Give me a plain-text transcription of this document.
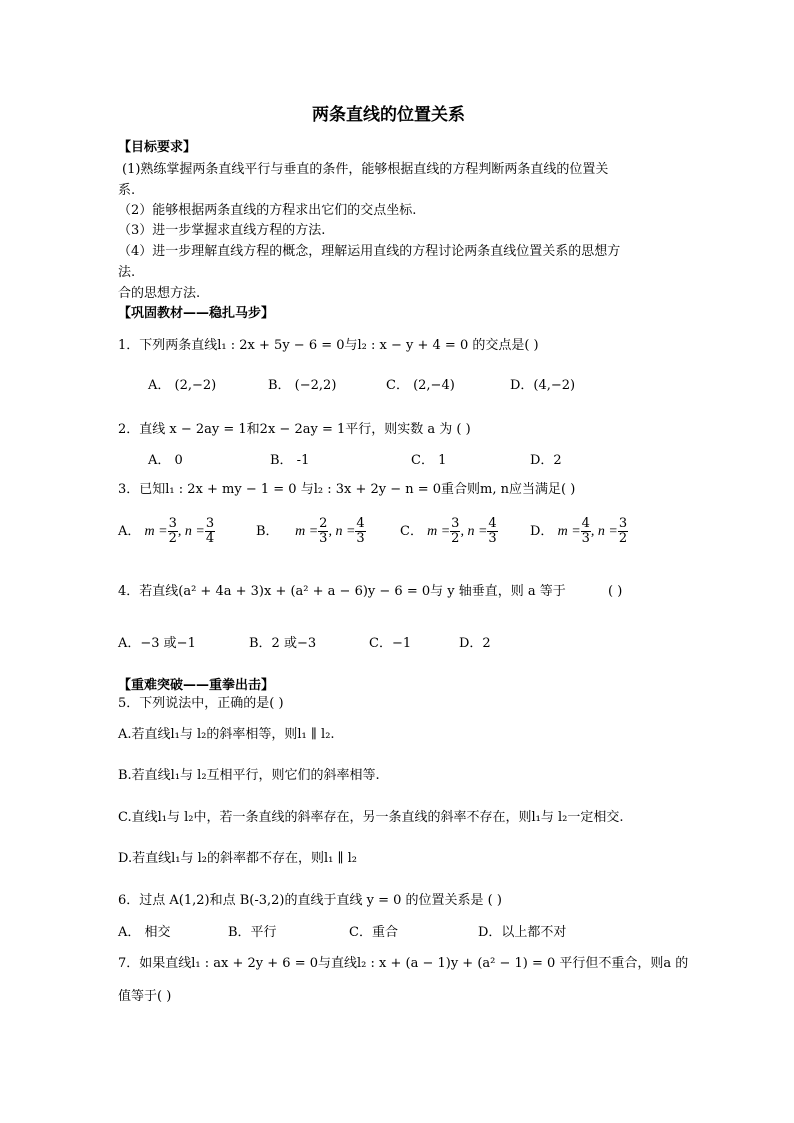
两条直线的位置关系
【目标要求】
(1)熟练掌握两条直线平行与垂直的条件，能够根据直线的方程判断两条直线的位置关
系.
（2）能够根据两条直线的方程求出它们的交点坐标.
（3）进一步掌握求直线方程的方法.
（4）进一步理解直线方程的概念，理解运用直线的方程讨论两条直线位置关系的思想方
法.
合的思想方法.
【巩固教材——稳扎马步】
1．下列两条直线l₁ : 2x + 5y − 6 = 0与l₂ : x − y + 4 = 0 的交点是( )
A． (2,−2)	B． (−2,2)	C． (2,−4)	D．(4,−2)
2．直线 x − 2ay = 1和2x − 2ay = 1平行，则实数 a 为 ( )
A． 0	B． -1	C． 1	D．2
3．已知l₁ : 2x + my − 1 = 0 与l₂ : 3x + 2y − n = 0重合则m, n应当满足( )
A． $m = \frac{3}{2}$ , $n = \frac{3}{4}$	B． $m = \frac{2}{3}$ , $n = \frac{4}{3}$	C． $m = \frac{3}{2}$ , $n = \frac{4}{3}$ D． $m = \frac{4}{3}$ , $n = \frac{3}{2}$
4．若直线(a² + 4a + 3)x + (a² + a − 6)y − 6 = 0与 y 轴垂直，则 a 等于	( )
A．−3 或−1	B．2 或−3	C．−1	D．2
【重难突破——重拳出击】
5．下列说法中，正确的是( )
A.若直线l₁与 l₂的斜率相等，则l₁ ∥ l₂.
B.若直线l₁与 l₂互相平行，则它们的斜率相等.
C.直线l₁与 l₂中，若一条直线的斜率存在，另一条直线的斜率不存在，则l₁与 l₂一定相交.
D.若直线l₁与 l₂的斜率都不存在，则l₁ ∥ l₂
6．过点 A(1,2)和点 B(-3,2)的直线于直线 y = 0 的位置关系是 ( )
A． 相交	B．平行	C．重合	D．以上都不对
7．如果直线l₁ : ax + 2y + 6 = 0与直线l₂ : x + (a − 1)y + (a² − 1) = 0 平行但不重合，则a 的
值等于( )
